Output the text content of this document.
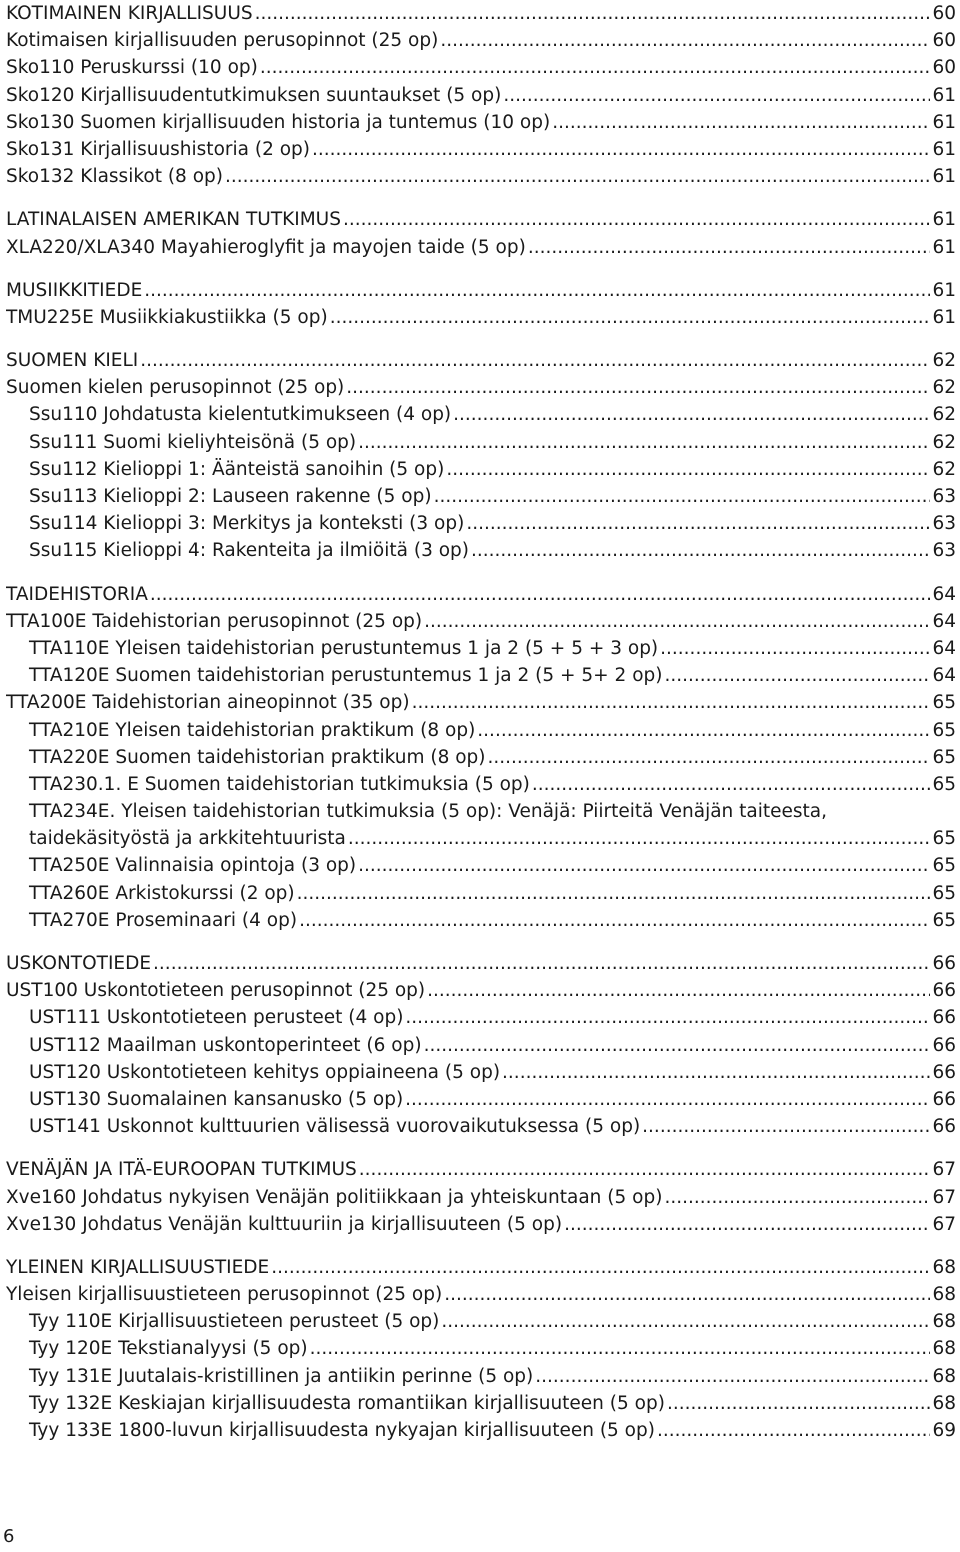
KOTIMAINEN KIRJALLISUUS .....	60
Kotimaisen kirjallisuuden perusopinnot (25 op) .....	60
Sko110 Peruskurssi (10 op) .....	60
Sko120 Kirjallisuudentutkimuksen suuntaukset (5 op) .....	61
Sko130 Suomen kirjallisuuden historia ja tuntemus (10 op) .....	61
Sko131 Kirjallisuushistoria (2 op) .....	61
Sko132 Klassikot (8 op) .....	61
LATINALAISEN AMERIKAN TUTKIMUS .....	61
XLA220/XLA340 Mayahieroglyfit ja mayojen taide (5 op) .....	61
MUSIIKKITIEDE .....	61
TMU225E Musiikkiakustiikka (5 op) .....	61
SUOMEN KIELI .....	62
Suomen kielen perusopinnot (25 op) .....	62
Ssu110 Johdatusta kielentutkimukseen (4 op) .....	62
Ssu111 Suomi kieliyhteisönä (5 op) .....	62
Ssu112 Kielioppi 1: Äänteistä sanoihin (5 op) .....	62
Ssu113 Kielioppi 2: Lauseen rakenne (5 op) .....	63
Ssu114 Kielioppi 3: Merkitys ja konteksti (3 op) .....	63
Ssu115 Kielioppi 4: Rakenteita ja ilmiöitä (3 op) .....	63
TAIDEHISTORIA .....	64
TTA100E Taidehistorian perusopinnot (25 op) .....	64
TTA110E Yleisen taidehistorian perustuntemus 1 ja 2 (5 + 5 + 3 op) .....	64
TTA120E Suomen taidehistorian perustuntemus 1 ja 2 (5 + 5+ 2 op) .....	64
TTA200E Taidehistorian aineopinnot (35 op) .....	65
TTA210E Yleisen taidehistorian praktikum (8 op) .....	65
TTA220E Suomen taidehistorian praktikum (8 op) .....	65
TTA230.1. E Suomen taidehistorian tutkimuksia (5 op) .....	65
TTA234E. Yleisen taidehistorian tutkimuksia (5 op): Venäjä: Piirteitä Venäjän taiteesta,
taidekäsityöstä ja arkkitehtuurista .....	65
TTA250E Valinnaisia opintoja (3 op) .....	65
TTA260E Arkistokurssi (2 op) .....	65
TTA270E Proseminaari (4 op) .....	65
USKONTOTIEDE .....	66
UST100 Uskontotieteen perusopinnot (25 op) .....	66
UST111 Uskontotieteen perusteet (4 op) .....	66
UST112 Maailman uskontoperinteet (6 op) .....	66
UST120 Uskontotieteen kehitys oppiaineena (5 op) .....	66
UST130 Suomalainen kansanusko (5 op) .....	66
UST141 Uskonnot kulttuurien välisessä vuorovaikutuksessa (5 op) .....	66
VENÄJÄN JA ITÄ-EUROOPAN TUTKIMUS .....	67
Xve160 Johdatus nykyisen Venäjän politiikkaan ja yhteiskuntaan (5 op) .....	67
Xve130 Johdatus Venäjän kulttuuriin ja kirjallisuuteen (5 op) .....	67
YLEINEN KIRJALLISUUSTIEDE .....	68
Yleisen kirjallisuustieteen perusopinnot (25 op) .....	68
Tyy 110E Kirjallisuustieteen perusteet (5 op) .....	68
Tyy 120E Tekstianalyysi (5 op) .....	68
Tyy 131E Juutalais-kristillinen ja antiikin perinne (5 op) .....	68
Tyy 132E Keskiajan kirjallisuudesta romantiikan kirjallisuuteen (5 op) .....	68
Tyy 133E 1800-luvun kirjallisuudesta nykyajan kirjallisuuteen (5 op) .....	69
6
